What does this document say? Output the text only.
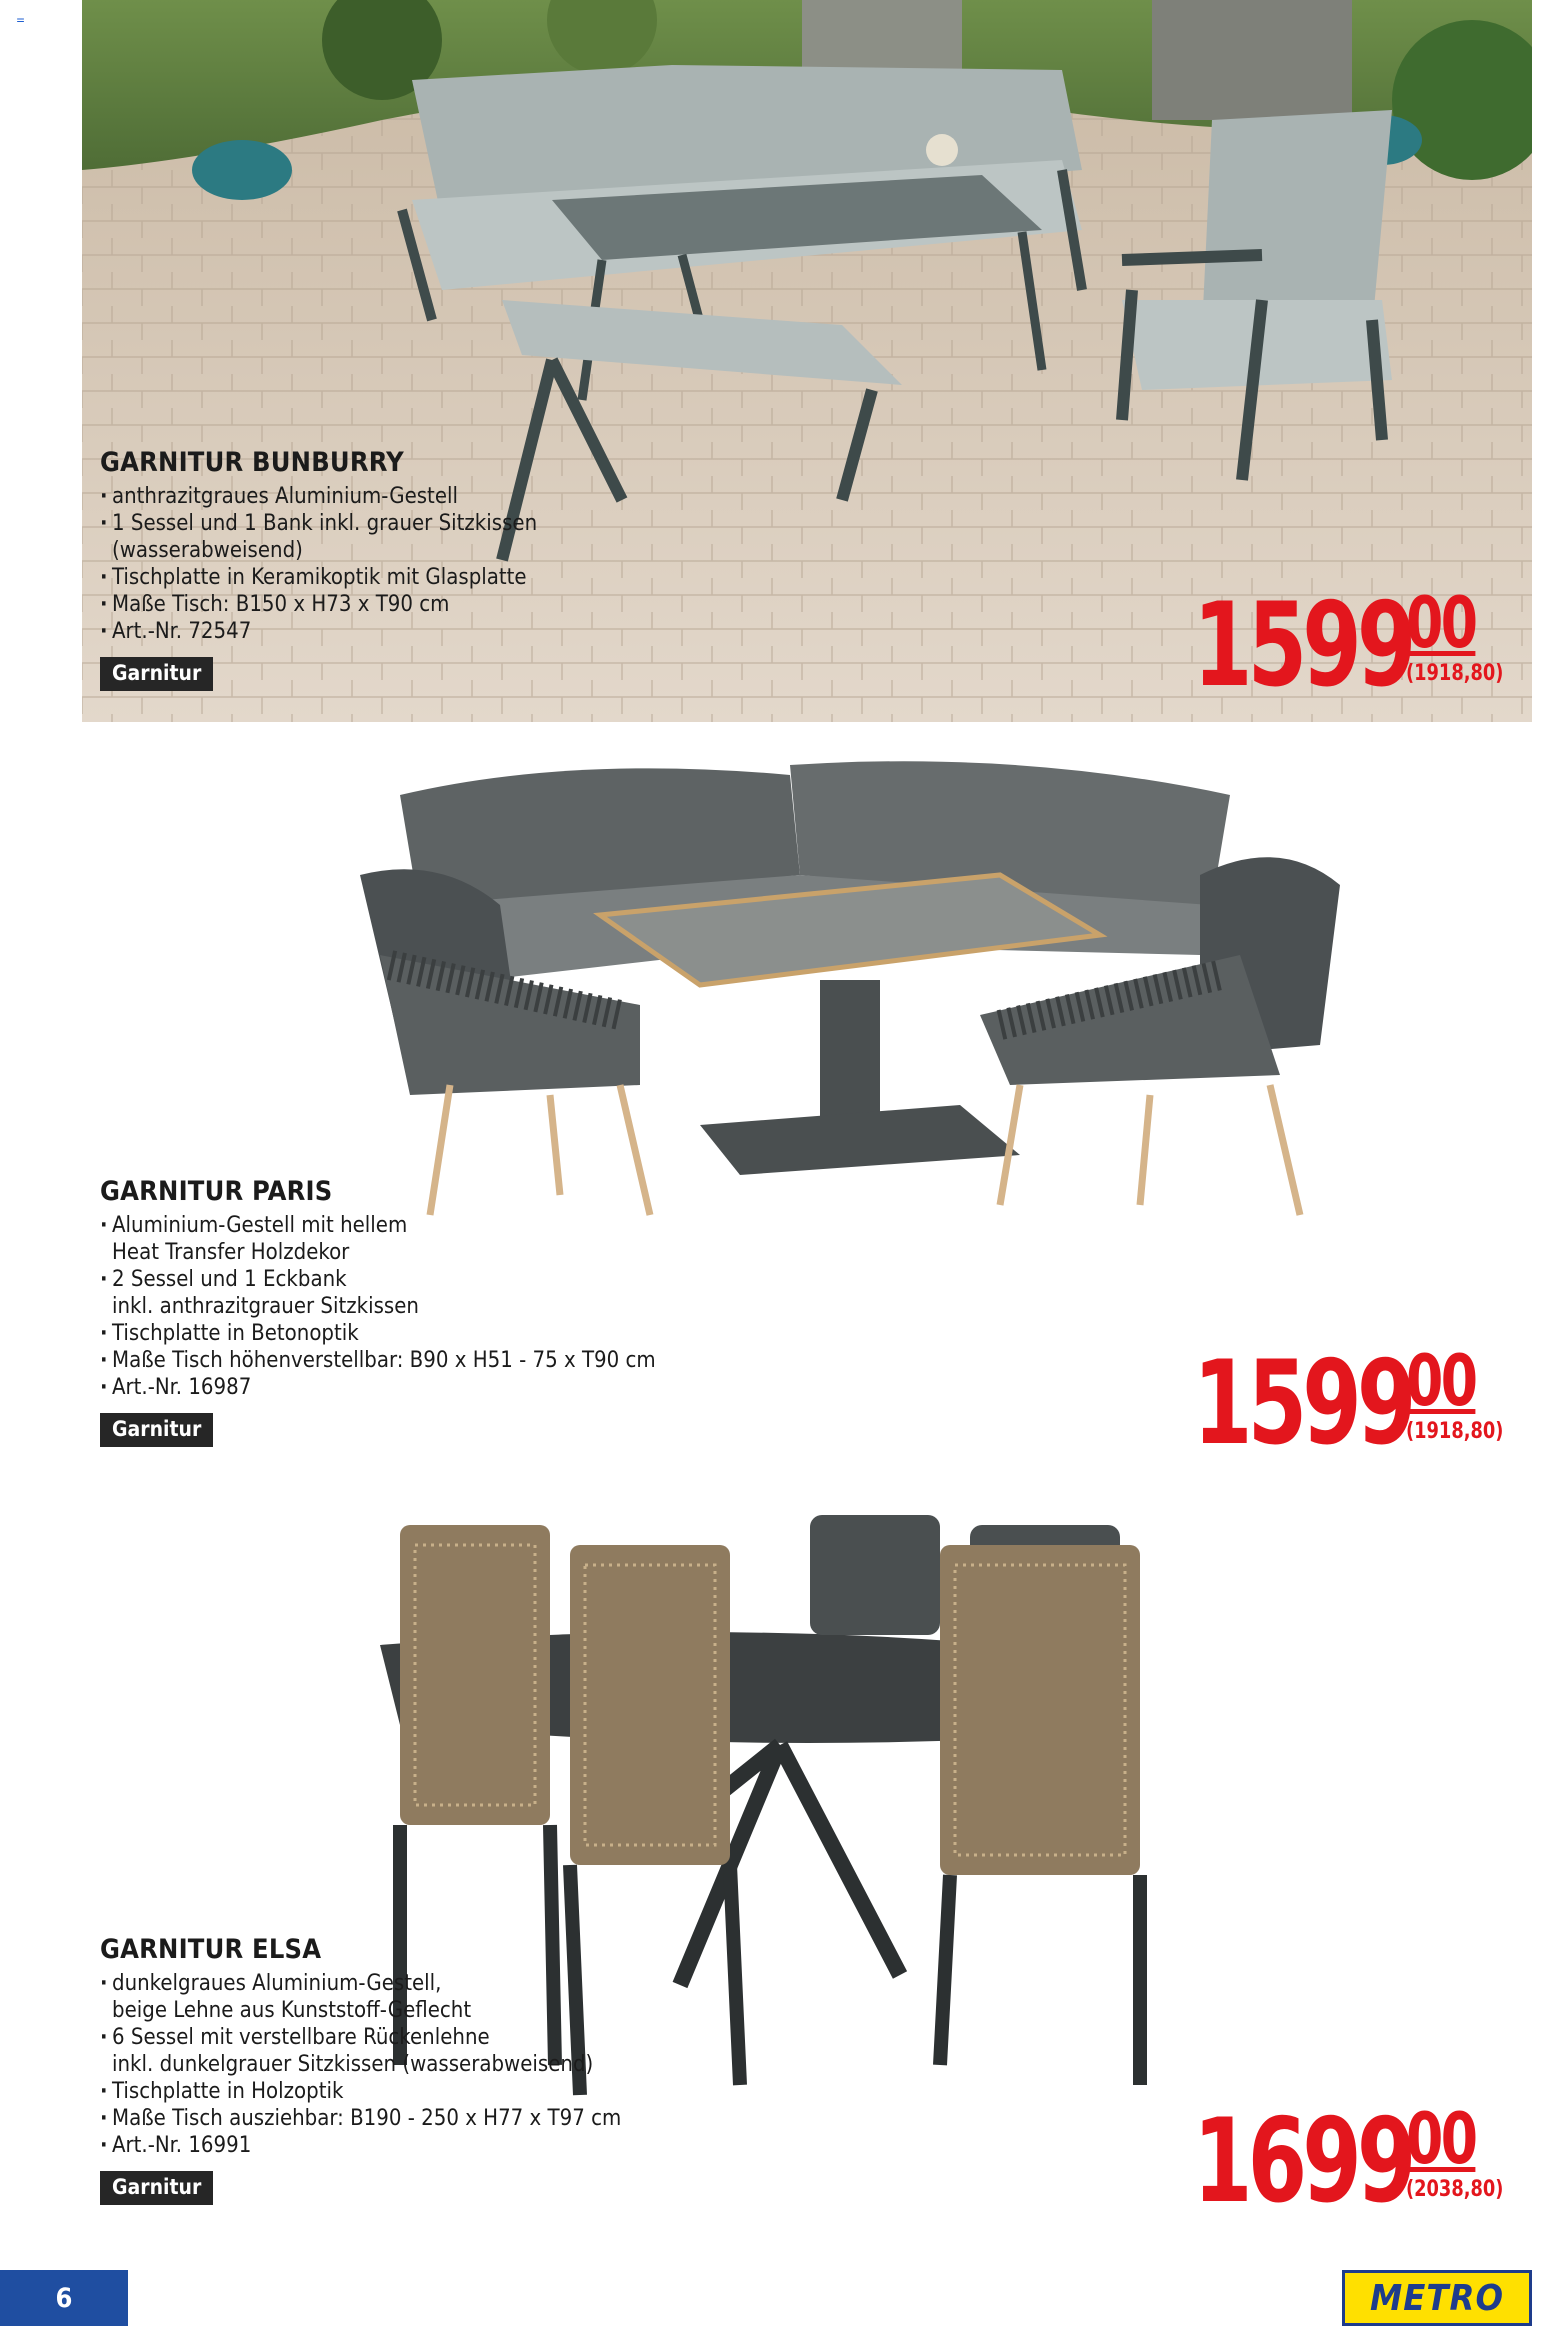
=
GARNITUR BUNBURRY
· anthrazitgraues Aluminium-Gestell
· 1 Sessel und 1 Bank inkl. grauer Sitzkissen
(wasserabweisend)
· Tischplatte in Keramikoptik mit Glasplatte
· Maße Tisch: B150 x H73 x T90 cm
· Art.-Nr. 72547
Garnitur	1599
00
(1918,80)
GARNITUR PARIS
· Aluminium-Gestell mit hellem
Heat Transfer Holzdekor
· 2 Sessel und 1 Eckbank
inkl. anthrazitgrauer Sitzkissen
· Tischplatte in Betonoptik
· Maße Tisch höhenverstellbar: B90 x H51 - 75 x T90 cm
· Art.-Nr. 16987
Garnitur	1599
00
(1918,80)
GARNITUR ELSA
· dunkelgraues Aluminium-Gestell,
beige Lehne aus Kunststoff-Geflecht
· 6 Sessel mit verstellbare Rückenlehne
inkl. dunkelgrauer Sitzkissen (wasserabweisend)
· Tischplatte in Holzoptik
· Maße Tisch ausziehbar: B190 - 250 x H77 x T97 cm
· Art.-Nr. 16991
Garnitur	1699
00
(2038,80)
6	METRO
